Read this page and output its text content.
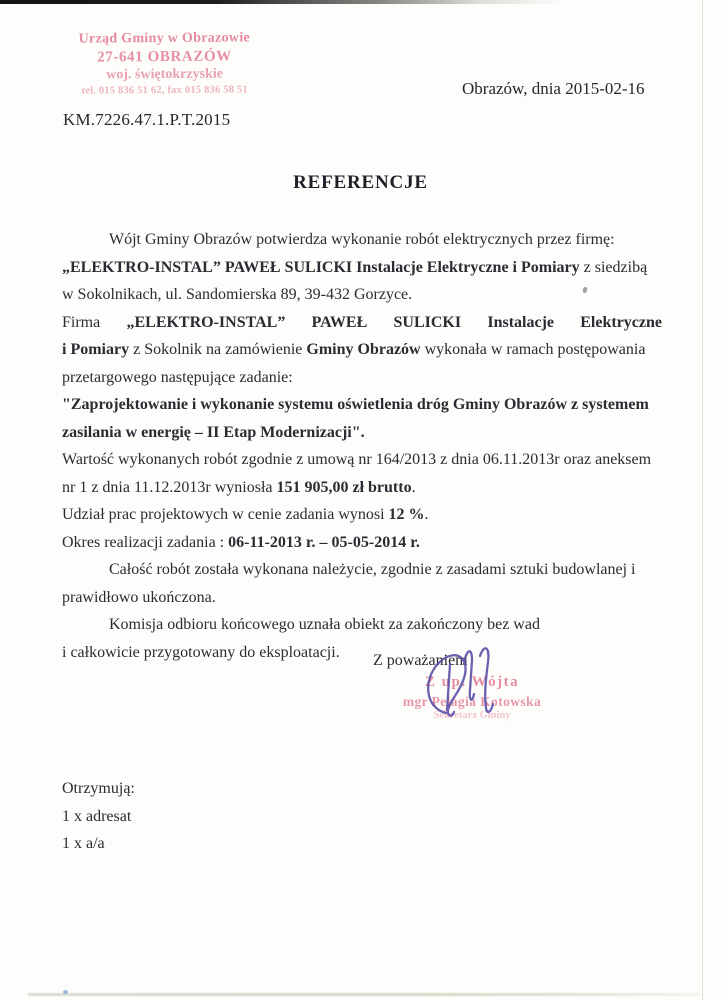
Urząd Gminy w Obrazowie
27-641 OBRAZÓW
woj. świętokrzyskie
tel. 015 836 51 62, fax 015 836 58 51
KM.7226.47.1.P.T.2015
Obrazów, dnia 2015-02-16
REFERENCJE
Wójt Gminy Obrazów potwierdza wykonanie robót elektrycznych przez firmę:
„ELEKTRO-INSTAL” PAWEŁ SULICKI Instalacje Elektryczne i Pomiary z siedzibą
w Sokolnikach, ul. Sandomierska 89, 39-432 Gorzyce.
Firma „ELEKTRO-INSTAL” PAWEŁ SULICKI Instalacje Elektryczne
i Pomiary z Sokolnik na zamówienie Gminy Obrazów wykonała w ramach postępowania
przetargowego następujące zadanie:
"Zaprojektowanie i wykonanie systemu oświetlenia dróg Gminy Obrazów z systemem
zasilania w energię – II Etap Modernizacji".
Wartość wykonanych robót zgodnie z umową nr 164/2013 z dnia 06.11.2013r oraz aneksem
nr 1 z dnia 11.12.2013r wyniosła 151 905,00 zł brutto.
Udział prac projektowych w cenie zadania wynosi 12 %.
Okres realizacji zadania : 06-11-2013 r. – 05-05-2014 r.
Całość robót została wykonana należycie, zgodnie z zasadami sztuki budowlanej i
prawidłowo ukończona.
Komisja odbioru końcowego uznała obiekt za zakończony bez wad
i całkowicie przygotowany do eksploatacji.	Z poważaniem
Z up. Wójta
mgr Pelagia Kotowska
Sekretarz Gminy
Otrzymują:
1 x adresat
1 x a/a
